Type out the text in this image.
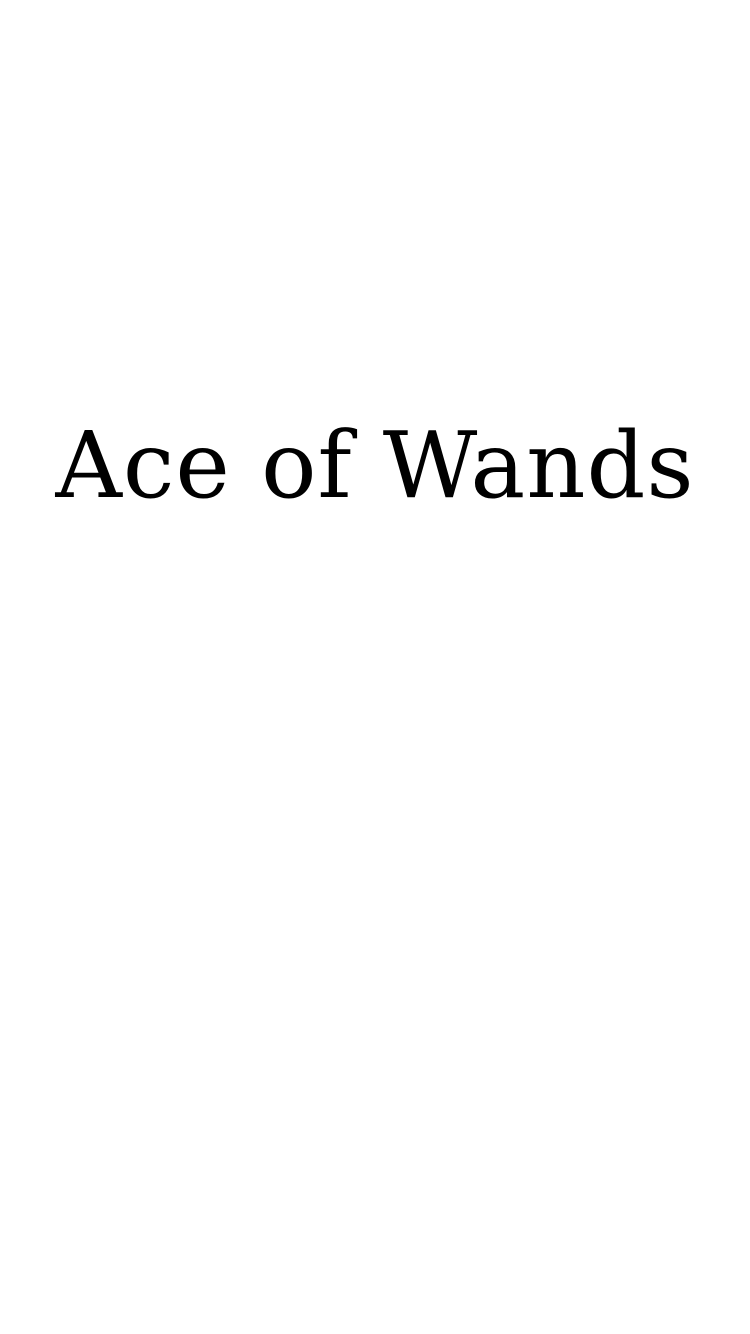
Ace of Wands
